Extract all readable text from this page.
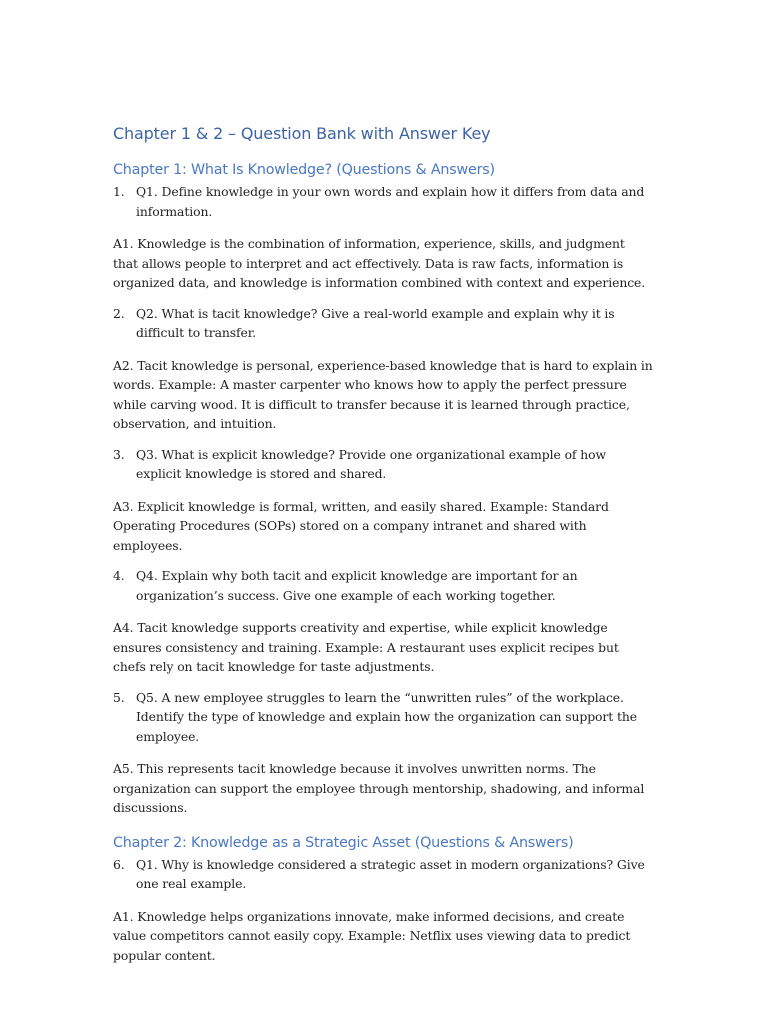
Chapter 1 & 2 – Question Bank with Answer Key
Chapter 1: What Is Knowledge? (Questions & Answers)
1. Q1. Define knowledge in your own words and explain how it differs from data and information.

A1. Knowledge is the combination of information, experience, skills, and judgment that allows people to interpret and act effectively. Data is raw facts, information is organized data, and knowledge is information combined with context and experience.

2. Q2. What is tacit knowledge? Give a real-world example and explain why it is difficult to transfer.

A2. Tacit knowledge is personal, experience-based knowledge that is hard to explain in words. Example: A master carpenter who knows how to apply the perfect pressure while carving wood. It is difficult to transfer because it is learned through practice, observation, and intuition.

3. Q3. What is explicit knowledge? Provide one organizational example of how explicit knowledge is stored and shared.

A3. Explicit knowledge is formal, written, and easily shared. Example: Standard Operating Procedures (SOPs) stored on a company intranet and shared with employees.

4. Q4. Explain why both tacit and explicit knowledge are important for an organization’s success. Give one example of each working together.

A4. Tacit knowledge supports creativity and expertise, while explicit knowledge ensures consistency and training. Example: A restaurant uses explicit recipes but chefs rely on tacit knowledge for taste adjustments.

5. Q5. A new employee struggles to learn the “unwritten rules” of the workplace. Identify the type of knowledge and explain how the organization can support the employee.

A5. This represents tacit knowledge because it involves unwritten norms. The organization can support the employee through mentorship, shadowing, and informal discussions.

Chapter 2: Knowledge as a Strategic Asset (Questions & Answers)
6. Q1. Why is knowledge considered a strategic asset in modern organizations? Give one real example.

A1. Knowledge helps organizations innovate, make informed decisions, and create value competitors cannot easily copy. Example: Netflix uses viewing data to predict popular content.
